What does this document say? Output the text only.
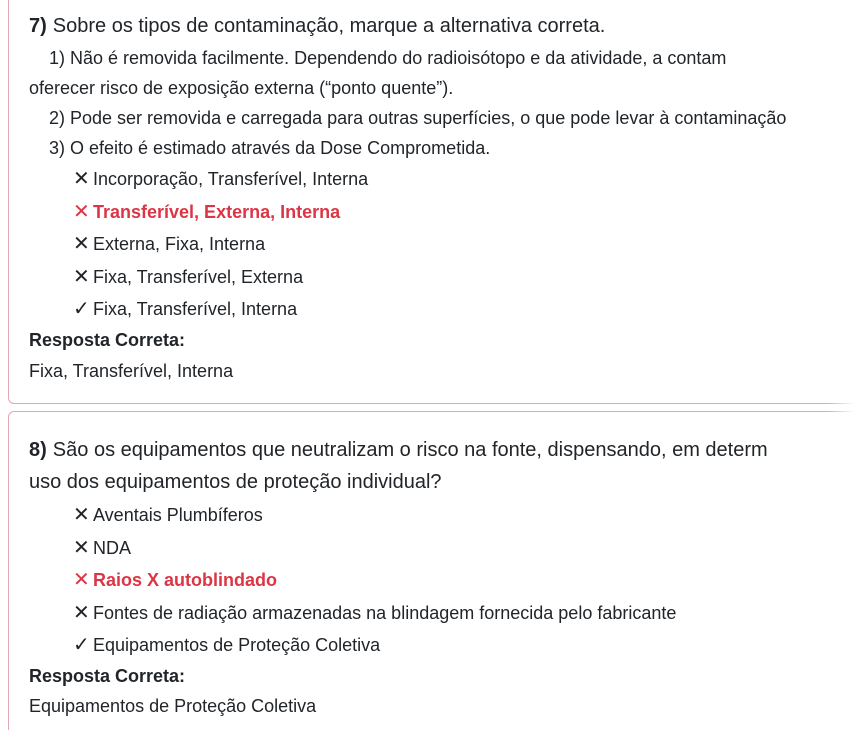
7) Sobre os tipos de contaminação, marque a alternativa correta.
1) Não é removida facilmente. Dependendo do radioisótopo e da atividade, a contam
oferecer risco de exposição externa (“ponto quente”).
2) Pode ser removida e carregada para outras superfícies, o que pode levar à contaminação
3) O efeito é estimado através da Dose Comprometida.
✕ Incorporação, Transferível, Interna
✕ Transferível, Externa, Interna
✕ Externa, Fixa, Interna
✕ Fixa, Transferível, Externa
✓ Fixa, Transferível, Interna
Resposta Correta:
Fixa, Transferível, Interna
8) São os equipamentos que neutralizam o risco na fonte, dispensando, em determ
uso dos equipamentos de proteção individual?
✕ Aventais Plumbíferos
✕ NDA
✕ Raios X autoblindado
✕ Fontes de radiação armazenadas na blindagem fornecida pelo fabricante
✓ Equipamentos de Proteção Coletiva
Resposta Correta:
Equipamentos de Proteção Coletiva
